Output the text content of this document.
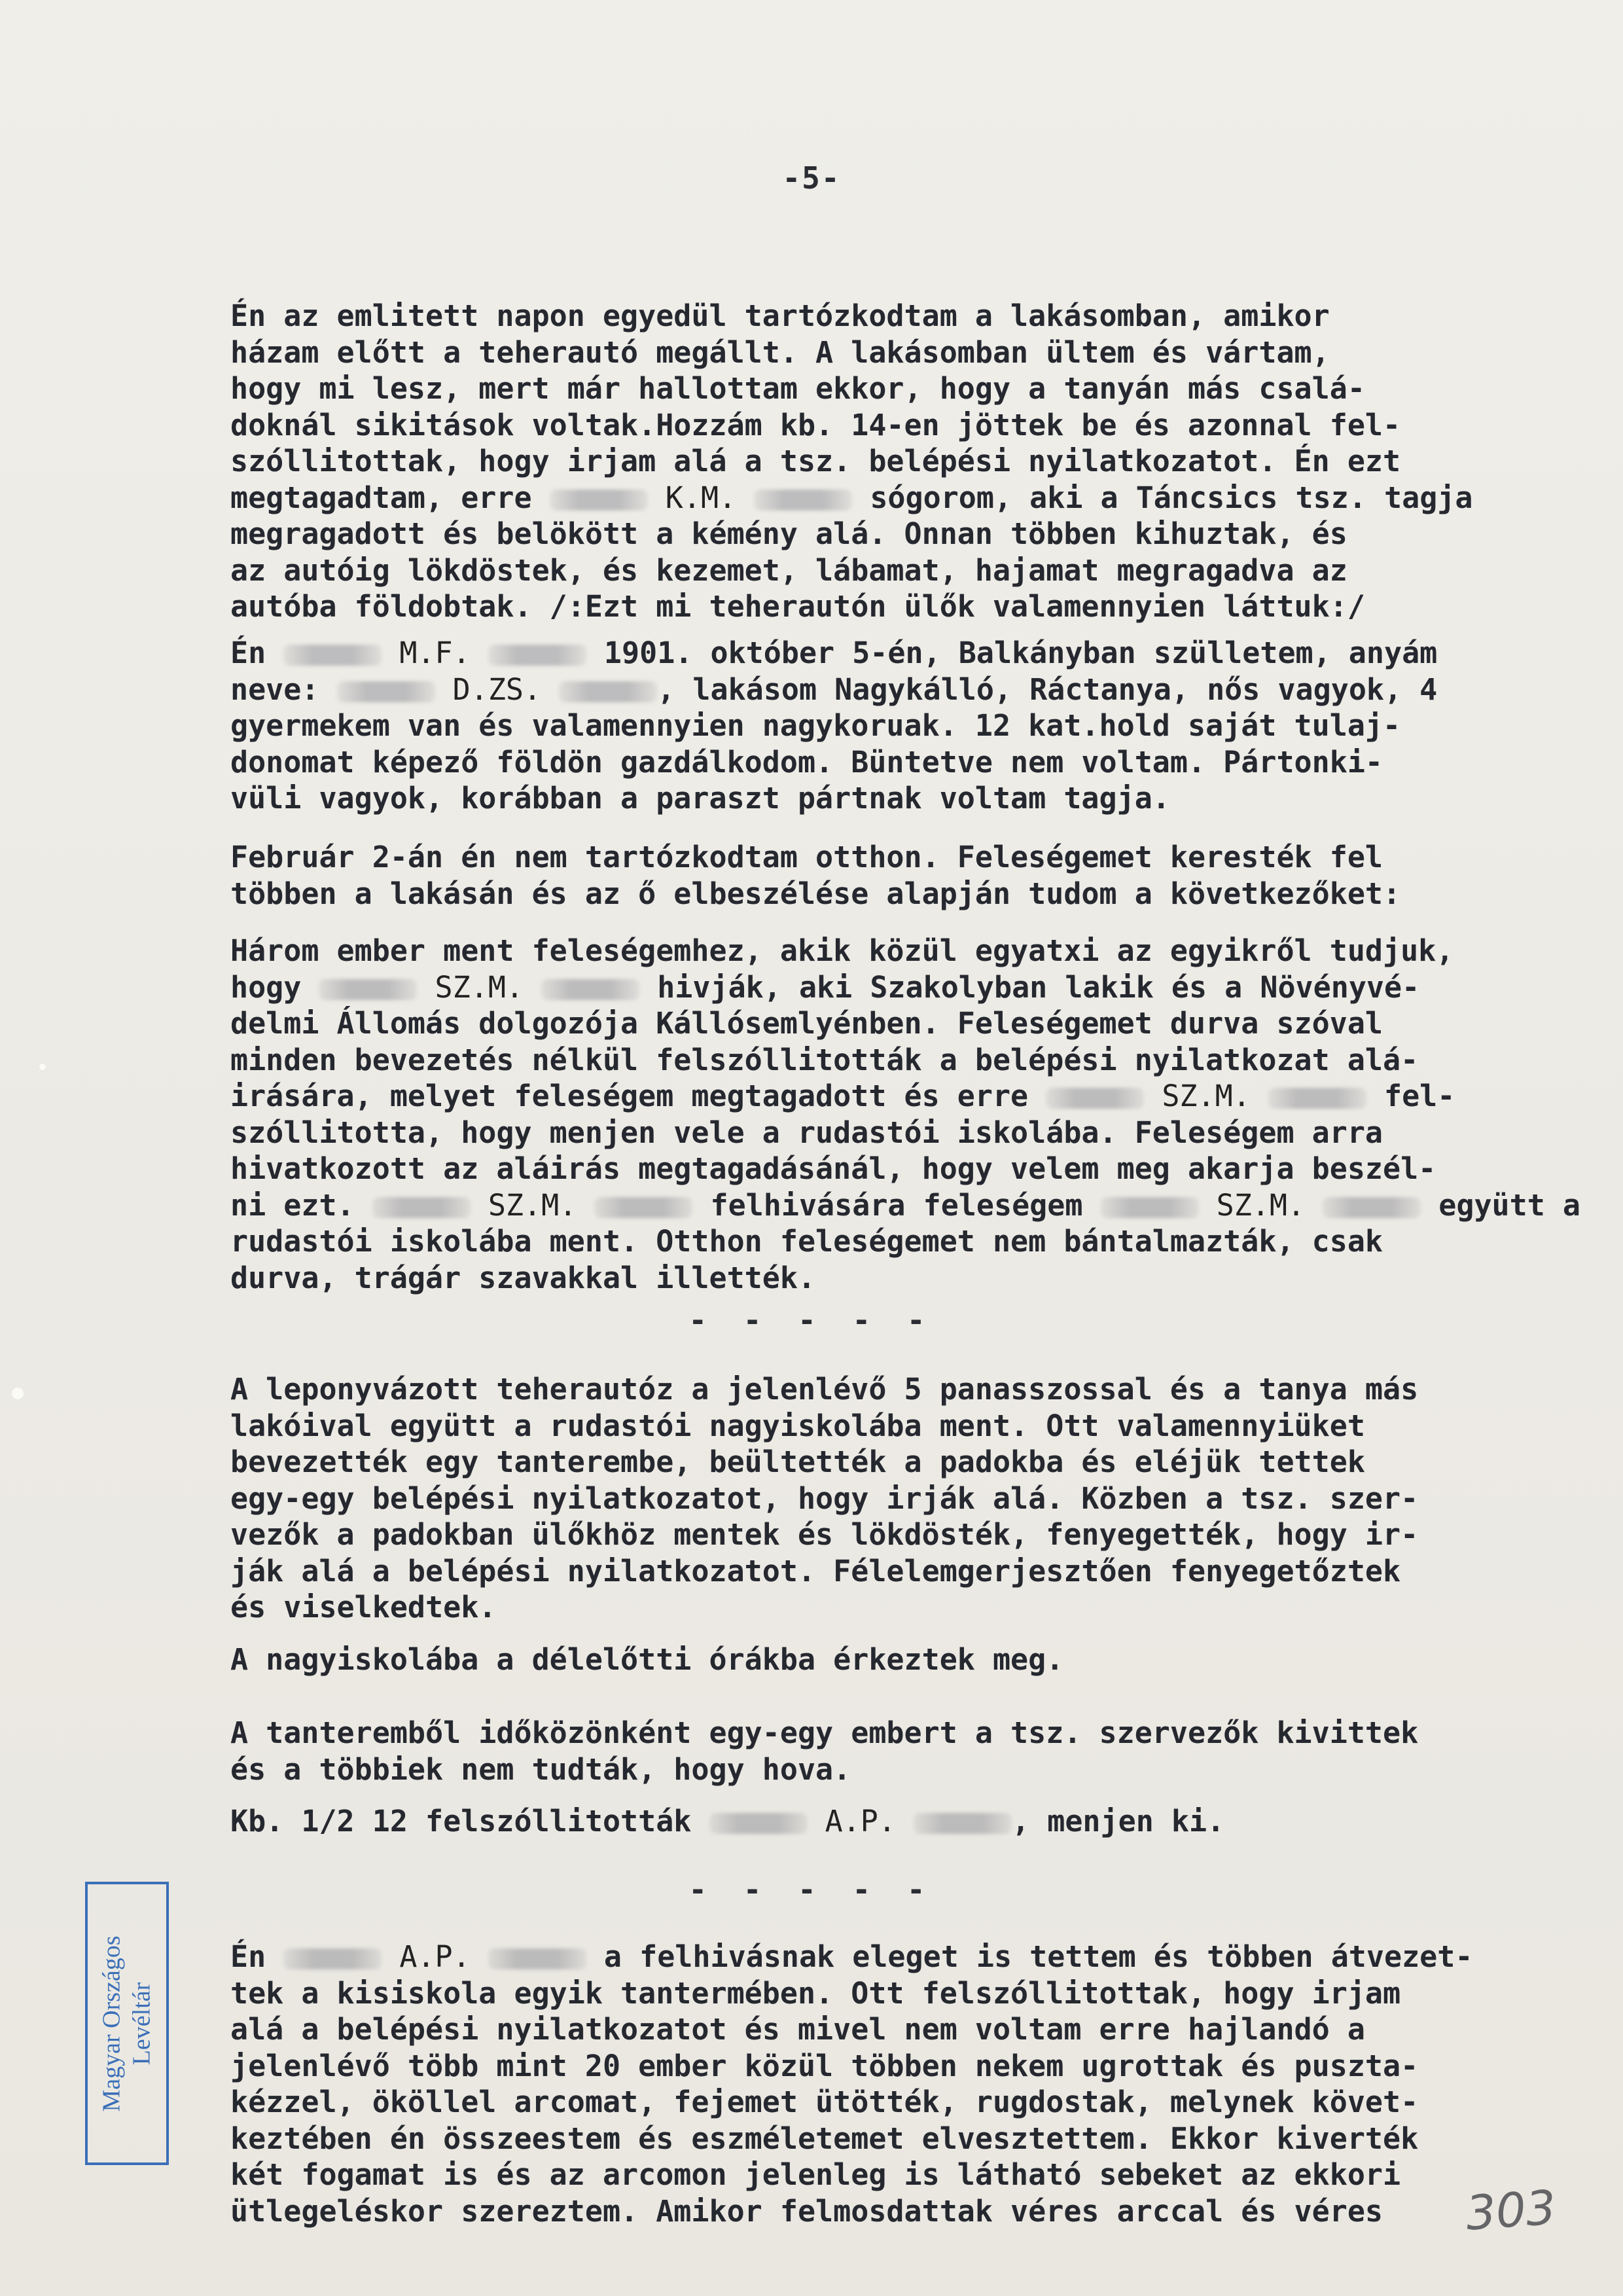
-5-
Én az emlitett napon egyedül tartózkodtam a lakásomban, amikor
házam előtt a teherautó megállt. A lakásomban ültem és vártam,
hogy mi lesz, mert már hallottam ekkor, hogy a tanyán más csalá-
doknál sikitások voltak.Hozzám kb. 14-en jöttek be és azonnal fel-
szóllitottak, hogy irjam alá a tsz. belépési nyilatkozatot. Én ezt
megtagadtam, erre	K.M.	sógorom, aki a Táncsics tsz. tagja
megragadott és belökött a kémény alá. Onnan többen kihuztak, és
az autóig lökdöstek, és kezemet, lábamat, hajamat megragadva az
autóba földobtak. /:Ezt mi teherautón ülők valamennyien láttuk:/
Én	M.F.	1901. október 5-én, Balkányban szülletem, anyám
neve:	D.ZS.	, lakásom Nagykálló, Ráctanya, nős vagyok, 4
gyermekem van és valamennyien nagykoruak. 12 kat.hold saját tulaj-
donomat képező földön gazdálkodom. Büntetve nem voltam. Pártonki-
vüli vagyok, korábban a paraszt pártnak voltam tagja.
Február 2-án én nem tartózkodtam otthon. Feleségemet keresték fel
többen a lakásán és az ő elbeszélése alapján tudom a következőket:
Három ember ment feleségemhez, akik közül egyatxi az egyikről tudjuk,
hogy	SZ.M.	hivják, aki Szakolyban lakik és a Növényvé-
delmi Állomás dolgozója Kállósemlyénben. Feleségemet durva szóval
minden bevezetés nélkül felszóllitották a belépési nyilatkozat alá-
irására, melyet feleségem megtagadott és erre	SZ.M.	fel-
szóllitotta, hogy menjen vele a rudastói iskolába. Feleségem arra
hivatkozott az aláirás megtagadásánál, hogy velem meg akarja beszél-
ni ezt.	SZ.M.	felhivására feleségem	SZ.M.	együtt a
rudastói iskolába ment. Otthon feleségemet nem bántalmazták, csak
durva, trágár szavakkal illették.
A leponyvázott teherautóz a jelenlévő 5 panasszossal és a tanya más
lakóival együtt a rudastói nagyiskolába ment. Ott valamennyiüket
bevezették egy tanterembe, beültették a padokba és eléjük tettek
egy-egy belépési nyilatkozatot, hogy irják alá. Közben a tsz. szer-
vezők a padokban ülőkhöz mentek és lökdösték, fenyegették, hogy ir-
ják alá a belépési nyilatkozatot. Félelemgerjesztően fenyegetőztek
és viselkedtek.
A nagyiskolába a délelőtti órákba érkeztek meg.
A tanteremből időközönként egy-egy embert a tsz. szervezők kivittek
és a többiek nem tudták, hogy hova.
Kb. 1/2 12 felszóllitották	A.P.	, menjen ki.
Én	A.P.	a felhivásnak eleget is tettem és többen átvezet-
tek a kisiskola egyik tantermében. Ott felszóllitottak, hogy irjam
alá a belépési nyilatkozatot és mivel nem voltam erre hajlandó a
jelenlévő több mint 20 ember közül többen nekem ugrottak és puszta-
kézzel, ököllel arcomat, fejemet ütötték, rugdostak, melynek követ-
keztében én összeestem és eszméletemet elvesztettem. Ekkor kiverték
két fogamat is és az arcomon jelenleg is látható sebeket az ekkori
ütlegeléskor szereztem. Amikor felmosdattak véres arccal és véres
- - - - -
- - - - -
Magyar Országos Levéltár
303
